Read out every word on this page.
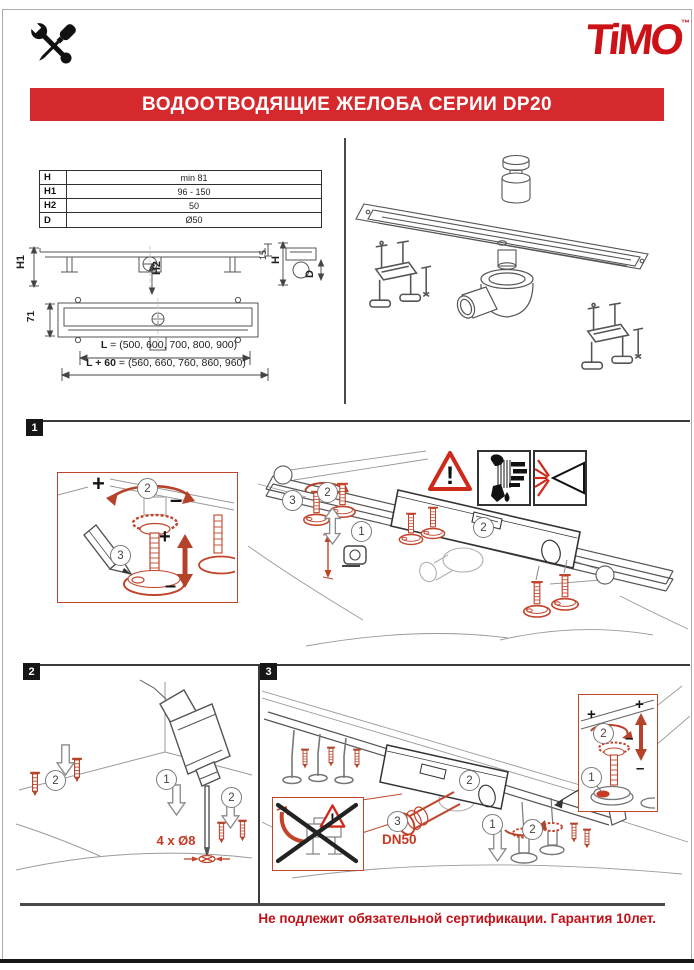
TiMO™
ВОДООТВОДЯЩИЕ ЖЕЛОБА СЕРИИ DP20
H	min 81
H1	96 - 150
H2	50
D	Ø50
H1	H2
15 H
D
71
L = (500, 600, 700, 800, 900)
L + 60 = (560, 660, 760, 860, 960)
1
+
–
+
–
2
3
3
2
1	2
2	3
2	1
2
4 x Ø8
+
–
+
–
2
1
2
3	1	2
DN50
Не подлежит обязательной сертификации. Гарантия 10лет.
